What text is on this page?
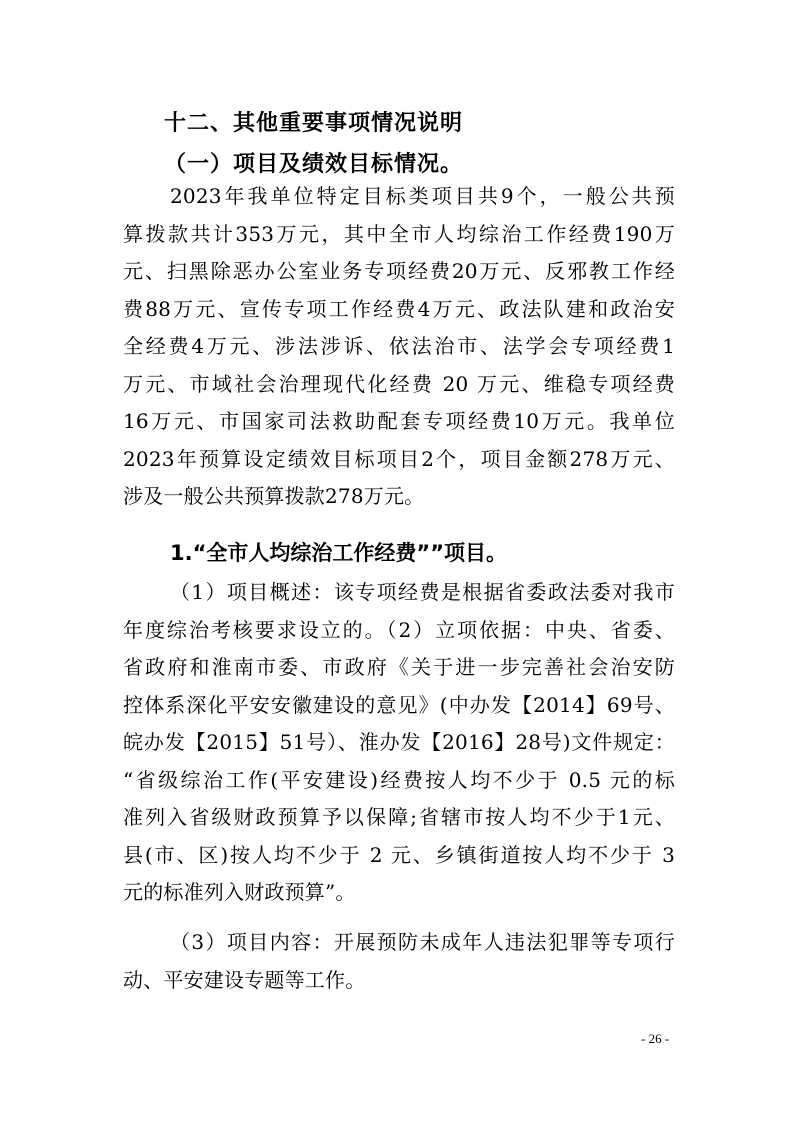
十二、其他重要事项情况说明
（一）项目及绩效目标情况。
2023年我单位特定目标类项目共9个，一般公共预
算拨款共计353万元，其中全市人均综治工作经费190万
元、扫黑除恶办公室业务专项经费20万元、反邪教工作经
费88万元、宣传专项工作经费4万元、政法队建和政治安
全经费4万元、涉法涉诉、依法治市、法学会专项经费1
万元、市域社会治理现代化经费 20 万元、维稳专项经费
16万元、市国家司法救助配套专项经费10万元。我单位
2023年预算设定绩效目标项目2个，项目金额278万元、
涉及一般公共预算拨款278万元。
1.“全市人均综治工作经费””项目。
（1）项目概述：该专项经费是根据省委政法委对我市
年度综治考核要求设立的。（2）立项依据：中央、省委、
省政府和淮南市委、市政府《关于进一步完善社会治安防
控体系深化平安安徽建设的意见》(中办发【2014】69号、
皖办发【2015】51号）、淮办发【2016】28号)文件规定：
“省级综治工作(平安建设)经费按人均不少于 0.5 元的标
准列入省级财政预算予以保障;省辖市按人均不少于1元、
县(市、区)按人均不少于 2 元、乡镇街道按人均不少于 3
元的标准列入财政预算”。
（3）项目内容：开展预防未成年人违法犯罪等专项行
动、平安建设专题等工作。
- 26 -
